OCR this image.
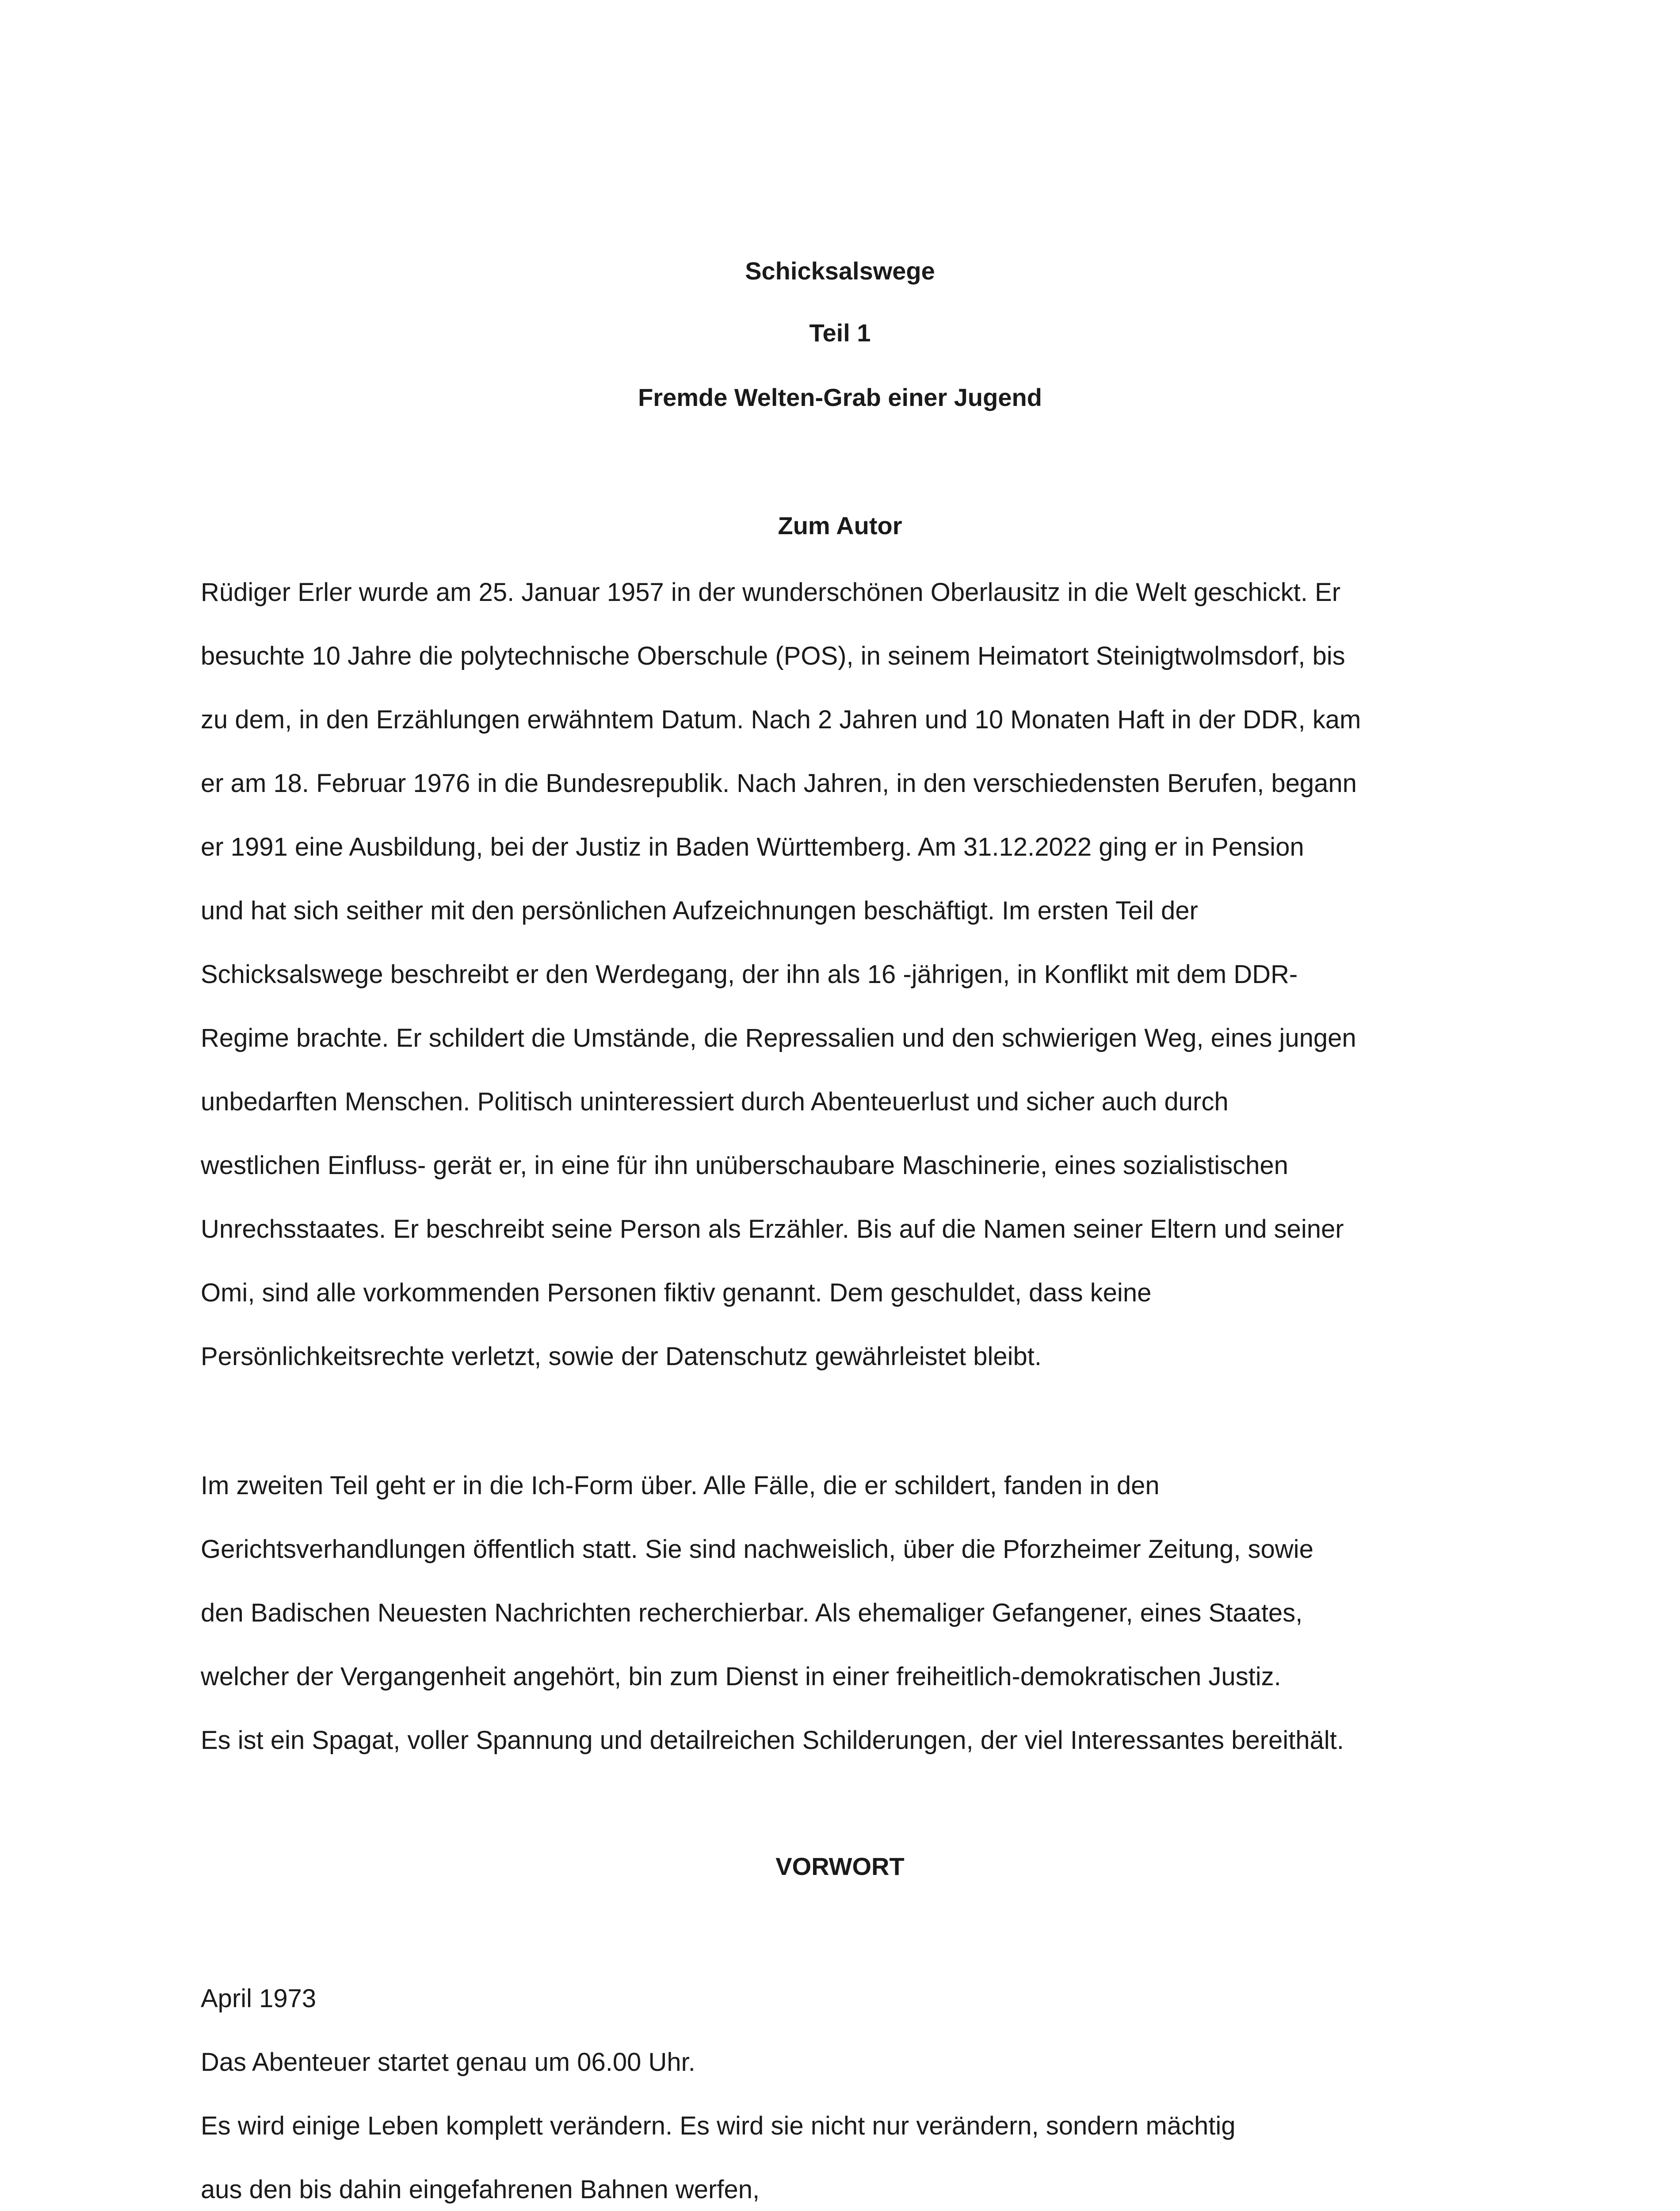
Schicksalswege
Teil 1
Fremde Welten-Grab einer Jugend
Zum Autor
Rüdiger Erler wurde am 25. Januar 1957 in der wunderschönen Oberlausitz in die Welt geschickt. Er
besuchte 10 Jahre die polytechnische Oberschule (POS), in seinem Heimatort Steinigtwolmsdorf, bis
zu dem, in den Erzählungen erwähntem Datum. Nach 2 Jahren und 10 Monaten Haft in der DDR, kam
er am 18. Februar 1976 in die Bundesrepublik. Nach Jahren, in den verschiedensten Berufen, begann
er 1991 eine Ausbildung, bei der Justiz in Baden Württemberg. Am 31.12.2022 ging er in Pension
und hat sich seither mit den persönlichen Aufzeichnungen beschäftigt. Im ersten Teil der
Schicksalswege beschreibt er den Werdegang, der ihn als 16 -jährigen, in Konflikt mit dem DDR-
Regime brachte. Er schildert die Umstände, die Repressalien und den schwierigen Weg, eines jungen
unbedarften Menschen. Politisch uninteressiert durch Abenteuerlust und sicher auch durch
westlichen Einfluss- gerät er, in eine für ihn unüberschaubare Maschinerie, eines sozialistischen
Unrechsstaates. Er beschreibt seine Person als Erzähler. Bis auf die Namen seiner Eltern und seiner
Omi, sind alle vorkommenden Personen fiktiv genannt. Dem geschuldet, dass keine
Persönlichkeitsrechte verletzt, sowie der Datenschutz gewährleistet bleibt.
Im zweiten Teil geht er in die Ich-Form über. Alle Fälle, die er schildert, fanden in den
Gerichtsverhandlungen öffentlich statt. Sie sind nachweislich, über die Pforzheimer Zeitung, sowie
den Badischen Neuesten Nachrichten recherchierbar. Als ehemaliger Gefangener, eines Staates,
welcher der Vergangenheit angehört, bin zum Dienst in einer freiheitlich-demokratischen Justiz.
Es ist ein Spagat, voller Spannung und detailreichen Schilderungen, der viel Interessantes bereithält.
VORWORT
April 1973
Das Abenteuer startet genau um 06.00 Uhr.
Es wird einige Leben komplett verändern. Es wird sie nicht nur verändern, sondern mächtig
aus den bis dahin eingefahrenen Bahnen werfen,
